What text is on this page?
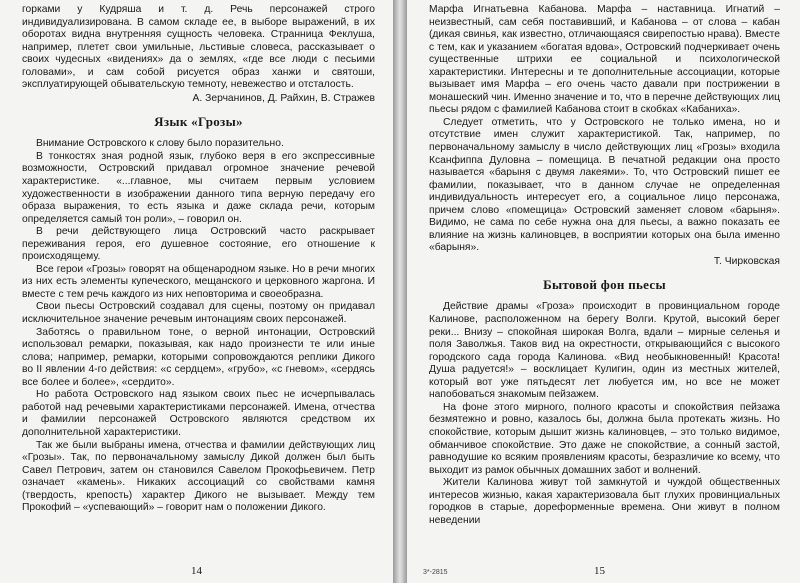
горками у Кудряша и т. д. Речь персонажей строго индивидуализирована. В самом складе ее, в выборе выражений, в их оборотах видна внутренняя сущность человека. Странница Феклуша, например, плетет свои умильные, льстивые словеса, рассказывает о своих чудесных «видениях» да о землях, «где все люди с песьими головами», и сам собой рисуется образ ханжи и святоши, эксплуатирующей обывательскую темноту, невежество и отсталость.

А. Зерчанинов, Д. Райхин, В. Стражев
Язык «Грозы»

Внимание Островского к слову было поразительно.

В тонкостях зная родной язык, глубоко веря в его экспрессивные возможности, Островский придавал огромное значение речевой характеристике. «...главное, мы считаем первым условием художественности в изображении данного типа верную передачу его образа выражения, то есть языка и даже склада речи, которым определяется самый тон роли», – говорил он.

В речи действующего лица Островский часто раскрывает переживания героя, его душевное состояние, его отношение к происходящему.

Все герои «Грозы» говорят на общенародном языке. Но в речи многих из них есть элементы купеческого, мещанского и церковного жаргона. И вместе с тем речь каждого из них неповторима и своеобразна.

Свои пьесы Островский создавал для сцены, поэтому он придавал исключительное значение речевым интонациям своих персонажей.

Заботясь о правильном тоне, о верной интонации, Островский использовал ремарки, показывая, как надо произнести те или иные слова; например, ремарки, которыми сопровождаются реплики Дикого во II явлении 4-го действия: «с сердцем», «грубо», «с гневом», «сердясь все более и более», «сердито».

Но работа Островского над языком своих пьес не исчерпывалась работой над речевыми характеристиками персонажей. Имена, отчества и фамилии персонажей Островского являются средством их дополнительной характеристики.

Так же были выбраны имена, отчества и фамилии действующих лиц «Грозы». Так, по первоначальному замыслу Дикой должен был быть Савел Петрович, затем он становился Савелом Прокофьевичем. Петр означает «камень». Никаких ассоциаций со свойствами камня (твердость, крепость) характер Дикого не вызывает. Между тем Прокофий – «успевающий» – говорит нам о положении Дикого.

14

Марфа Игнатьевна Кабанова. Марфа – наставница. Игнатий – неизвестный, сам себя поставивший, и Кабанова – от слова – кабан (дикая свинья, как известно, отличающаяся свирепостью нрава). Вместе с тем, как и указанием «богатая вдова», Островский подчеркивает очень существенные штрихи ее социальной и психологической характеристики. Интересны и те дополнительные ассоциации, которые вызывает имя Марфа – его очень часто давали при пострижении в монашеский чин. Именно значение и то, что в перечне действующих лиц пьесы рядом с фамилией Кабанова стоит в скобках «Кабаниха».

Следует отметить, что у Островского не только имена, но и отсутствие имен служит характеристикой. Так, например, по первоначальному замыслу в число действующих лиц «Грозы» входила Ксанфиппа Дуловна – помещица. В печатной редакции она просто называется «барыня с двумя лакеями». То, что Островский пишет ее фамилии, показывает, что в данном случае не определенная индивидуальность интересует его, а социальное лицо персонажа, причем слово «помещица» Островский заменяет словом «барыня». Видимо, не сама по себе нужна она для пьесы, а важно показать ее влияние на жизнь калиновцев, в восприятии которых она была именно «барыня».

Т. Чирковская
Бытовой фон пьесы

Действие драмы «Гроза» происходит в провинциальном городе Калинове, расположенном на берегу Волги. Крутой, высокий берег реки... Внизу – спокойная широкая Волга, вдали – мирные селенья и поля Заволжья. Таков вид на окрестности, открывающийся с высокого городского сада города Калинова. «Вид необыкновенный! Красота! Душа радуется!» – восклицает Кулигин, один из местных жителей, который вот уже пятьдесят лет любуется им, но все не может напобоваться знакомым пейзажем.

На фоне этого мирного, полного красоты и спокойствия пейзажа безмятежно и ровно, казалось бы, должна была протекать жизнь. Но спокойствие, которым дышит жизнь калиновцев, – это только видимое, обманчивое спокойствие. Это даже не спокойствие, а сонный застой, равнодушие ко всяким проявлениям красоты, безразличие ко всему, что выходит из рамок обычных домашних забот и волнений.

Жители Калинова живут той замкнутой и чуждой общественных интересов жизнью, какая характеризовала быт глухих провинциальных городков в старые, дореформенные времена. Они живут в полном неведении

3*-2815	15
